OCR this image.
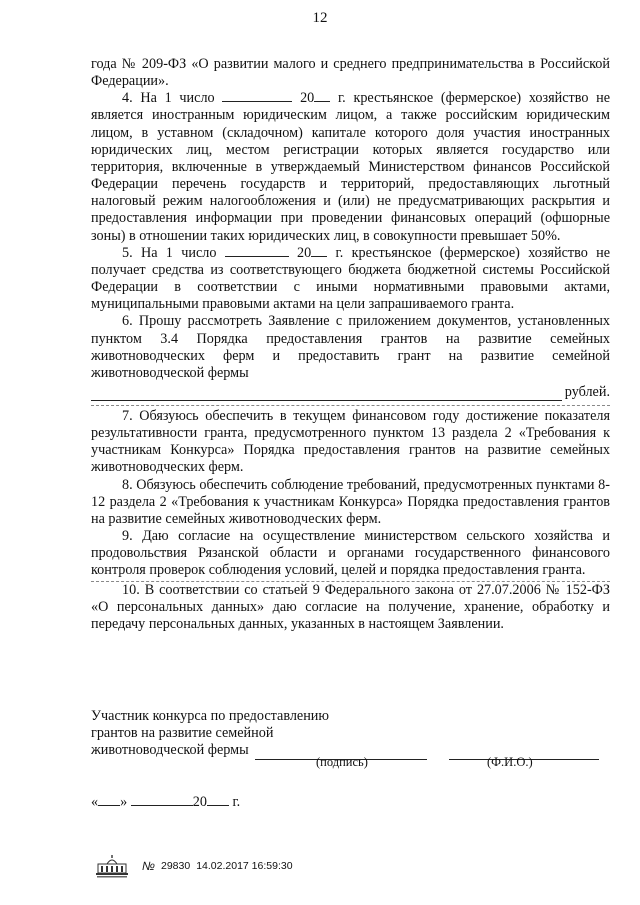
12

года № 209-ФЗ «О развитии малого и среднего предпринимательства в Российской Федерации».

4. На 1 число	20 г. крестьянское (фермерское) хозяйство не является иностранным юридическим лицом, а также российским юридическим лицом, в уставном (складочном) капитале которого доля участия иностранных юридических лиц, местом регистрации которых является государство или территория, включенные в утверждаемый Министерством финансов Российской Федерации перечень государств и территорий, предоставляющих льготный налоговый режим налогообложения и (или) не предусматривающих раскрытия и предоставления информации при проведении финансовых операций (офшорные зоны) в отношении таких юридических лиц, в совокупности превышает 50%.

5. На 1 число	20 г. крестьянское (фермерское) хозяйство не получает средства из соответствующего бюджета бюджетной системы Российской Федерации в соответствии с иными нормативными правовыми актами, муниципальными правовыми актами на цели запрашиваемого гранта.

6. Прошу рассмотреть Заявление с приложением документов, установленных пунктом 3.4 Порядка предоставления грантов на развитие семейных животноводческих ферм и предоставить грант на развитие семейной животноводческой фермы

рублей.

7. Обязуюсь обеспечить в текущем финансовом году достижение показателя результативности гранта, предусмотренного пунктом 13 раздела 2 «Требования к участникам Конкурса» Порядка предоставления грантов на развитие семейных животноводческих ферм.

8. Обязуюсь обеспечить соблюдение требований, предусмотренных пунктами 8-12 раздела 2 «Требования к участникам Конкурса» Порядка предоставления грантов на развитие семейных животноводческих ферм.

9. Даю согласие на осуществление министерством сельского хозяйства и продовольствия Рязанской области и органами государственного финансового контроля проверок соблюдения условий, целей и порядка предоставления гранта.

10. В соответствии со статьей 9 Федерального закона от 27.07.2006 № 152-ФЗ «О персональных данных» даю согласие на получение, хранение, обработку и передачу персональных данных, указанных в настоящем Заявлении.

Участник конкурса по предоставлению
грантов на развитие семейной
животноводческой фермы
(подпись)	(Ф.И.О.)
« »	20 г.
№ 29830 14.02.2017 16:59:30
